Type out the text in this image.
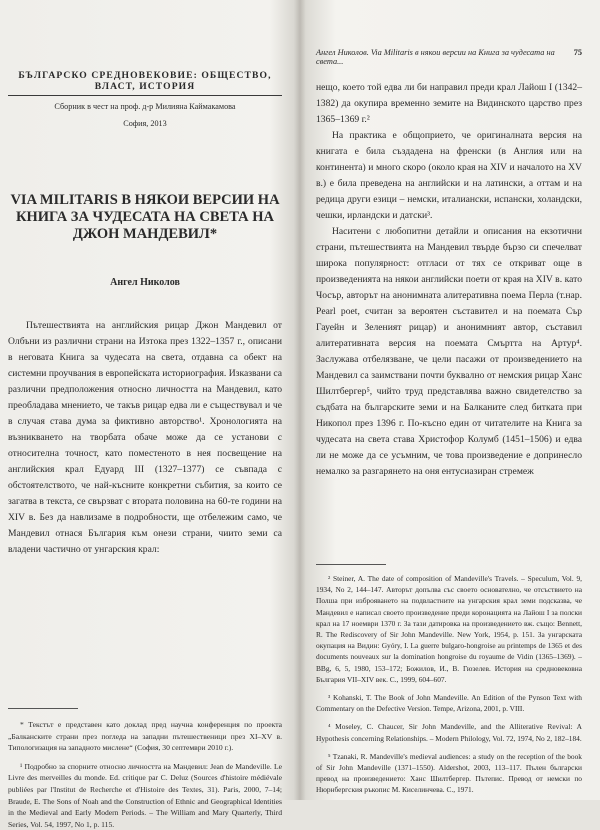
БЪЛГАРСКО СРЕДНОВЕКОВИЕ: ОБЩЕСТВО, ВЛАСТ, ИСТОРИЯ
Сборник в чест на проф. д-р Милияна Каймакамова
София, 2013
VIA MILITARIS В НЯКОИ ВЕРСИИ НА КНИГА ЗА ЧУДЕСАТА НА СВЕТА НА ДЖОН МАНДЕВИЛ*
Ангел Николов

Пътешествията на английския рицар Джон Мандевил от Олбъни из различни страни на Изтока през 1322–1357 г., описани в неговата Книга за чудесата на света, отдавна са обект на системни проучвания в европейската историография. Изказвани са различни предположения относно личността на Мандевил, като преобладава мнението, че такъв рицар едва ли е съществувал и че в случая става дума за фиктивно авторство¹. Хронологията на възникването на творбата обаче може да се установи с относителна точност, като поместеното в нея посвещение на английския крал Едуард III (1327–1377) се съвпада с обстоятелството, че най-късните конкретни събития, за които се загатва в текста, се свързват с втората половина на 60-те години на XIV в. Без да навлизаме в подробности, ще отбележим само, че Мандевил отнася България към онези страни, чиито земи са владени частично от унгарския крал:

* Текстът е представен като доклад пред научна конференция по проекта „Балканските страни през погледа на западни пътешественици през XI–XV в. Типологизация на западното мислене“ (София, 30 септември 2010 г.).

¹ Подробно за спорните относно личността на Мандевил: Jean de Mandeville. Le Livre des merveilles du monde. Ed. critique par C. Deluz (Sources d'histoire médiévale publiées par l'Institut de Recherche et d'Histoire des Textes, 31). Paris, 2000, 7–14; Braude, E. The Sons of Noah and the Construction of Ethnic and Geographical Identities in the Medieval and Early Modern Periods. – The William and Mary Quarterly, Third Series, Vol. 54, 1997, No 1, p. 115.

Ангел Николов. Via Militaris в някои версии на Книга за чудесата на света...
75

нещо, което той едва ли би направил преди крал Лайош I (1342–1382) да окупира временно земите на Видинското царство през 1365–1369 г.²

На практика е общоприето, че оригиналната версия на книгата е била създадена на френски (в Англия или на континента) и много скоро (около края на XIV и началото на XV в.) е била преведена на английски и на латински, а оттам и на редица други езици – немски, италиански, испански, холандски, чешки, ирландски и датски³.

Наситени с любопитни детайли и описания на екзотични страни, пътешествията на Мандевил твърде бързо си спечелват широка популярност: отгласи от тях се откриват още в произведенията на някои английски поети от края на XIV в. като Чосър, авторът на анонимната алитеративна поема Перла (т.нар. Pearl poet, считан за вероятен съставител и на поемата Сър Гауейн и Зеленият рицар) и анонимният автор, съставил алитеративната версия на поемата Смъртта на Артур⁴. Заслужава отбелязване, че цели пасажи от произведението на Мандевил са заимствани почти буквално от немския рицар Ханс Шилтбергер⁵, чийто труд представлява важно свидетелство за съдбата на българските земи и на Балканите след битката при Никопол през 1396 г. По-късно един от читателите на Книга за чудесата на света става Христофор Колумб (1451–1506) и едва ли не може да се усъмним, че това произведение е допринесло немалко за разгарянето на оня ентусиазиран стремеж

² Steiner, A. The date of composition of Mandeville's Travels. – Speculum, Vol. 9, 1934, No 2, 144–147. Авторът допълва със своето основателно, че отсъствието на Полша при изброяването на подвластните на унгарския крал земи подсказва, че Мандевил е написал своето произведение преди коронацията на Лайош I за полски крал на 17 ноември 1370 г. За тази датировка на произведението вж. също: Bennett, R. The Rediscovery of Sir John Mandeville. New York, 1954, p. 151. За унгарската окупация на Видин: Gyóry, I. La guerre bulgaro-hongroise au printemps de 1365 et des documents nouveaux sur la domination hongroise du royaume de Vidin (1365–1369). – BBg, 6, 5, 1980, 153–172; Божилов, И., В. Гюзелев. История на средновековна България VII–XIV век. С., 1999, 604–607.

³ Kohanski, T. The Book of John Mandeville. An Edition of the Pynson Text with Commentary on the Defective Version. Tempe, Arizona, 2001, p. VIII.

⁴ Moseley, C. Chaucer, Sir John Mandeville, and the Alliterative Revival: A Hypothesis concerning Relationships. – Modern Philology, Vol. 72, 1974, No 2, 182–184.

⁵ Tzanaki, R. Mandeville's medieval audiences: a study on the reception of the book of Sir John Mandeville (1371–1550). Aldershot, 2003, 113–117. Пълен български превод на произведението: Ханс Шилтбергер. Пътепис. Превод от немски по Нюрнбергския ръкопис М. Киселинчева. С., 1971.
